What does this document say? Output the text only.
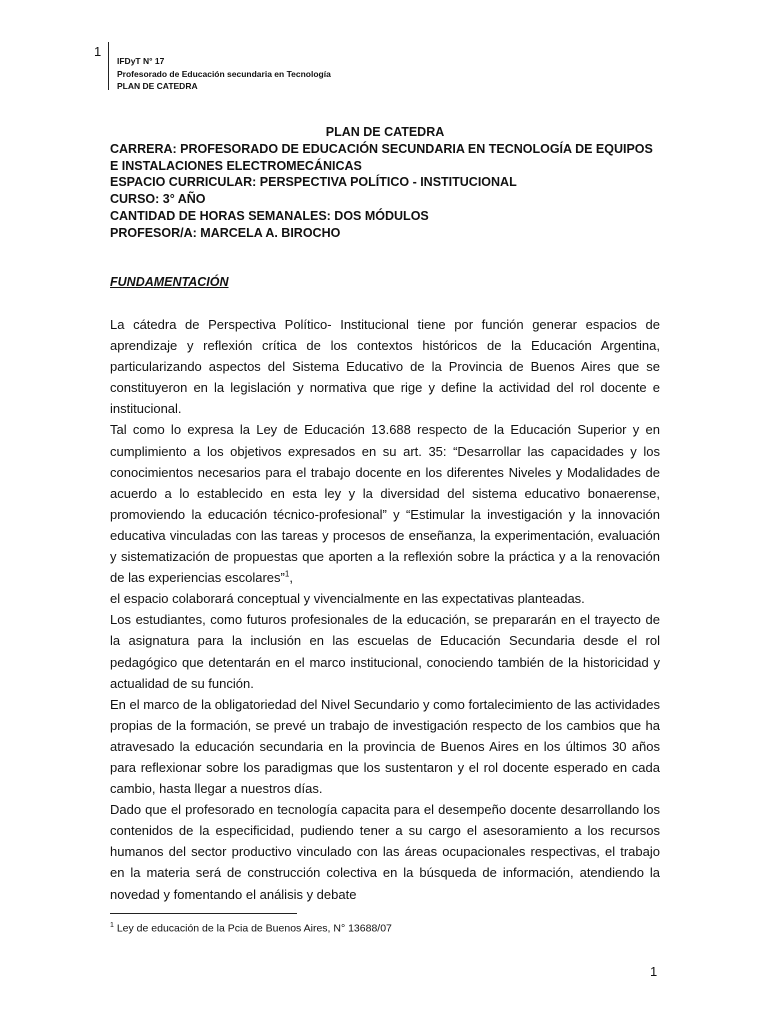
1
IFDyT N° 17
Profesorado de Educación secundaria en Tecnología
PLAN DE CATEDRA
PLAN DE CATEDRA
CARRERA: PROFESORADO DE EDUCACIÓN SECUNDARIA EN TECNOLOGÍA DE EQUIPOS E INSTALACIONES ELECTROMECÁNICAS
ESPACIO CURRICULAR: PERSPECTIVA POLÍTICO - INSTITUCIONAL
CURSO: 3° AÑO
CANTIDAD DE HORAS SEMANALES: DOS MÓDULOS
PROFESOR/A: MARCELA A. BIROCHO
FUNDAMENTACIÓN

La cátedra de Perspectiva Político- Institucional tiene por función generar espacios de aprendizaje y reflexión crítica de los contextos históricos de la Educación Argentina, particularizando aspectos del Sistema Educativo de la Provincia de Buenos Aires que se constituyeron en la legislación y normativa que rige y define la actividad del rol docente e institucional.

Tal como lo expresa la Ley de Educación 13.688 respecto de la Educación Superior y en cumplimiento a los objetivos expresados en su art. 35: “Desarrollar las capacidades y los conocimientos necesarios para el trabajo docente en los diferentes Niveles y Modalidades de acuerdo a lo establecido en esta ley y la diversidad del sistema educativo bonaerense, promoviendo la educación técnico-profesional” y “Estimular la investigación y la innovación educativa vinculadas con las tareas y procesos de enseñanza, la experimentación, evaluación y sistematización de propuestas que aporten a la reflexión sobre la práctica y a la renovación de las experiencias escolares”$^1$,

el espacio colaborará conceptual y vivencialmente en las expectativas planteadas.

Los estudiantes, como futuros profesionales de la educación, se prepararán en el trayecto de la asignatura para la inclusión en las escuelas de Educación Secundaria desde el rol pedagógico que detentarán en el marco institucional, conociendo también de la historicidad y actualidad de su función.

En el marco de la obligatoriedad del Nivel Secundario y como fortalecimiento de las actividades propias de la formación, se prevé un trabajo de investigación respecto de los cambios que ha atravesado la educación secundaria en la provincia de Buenos Aires en los últimos 30 años para reflexionar sobre los paradigmas que los sustentaron y el rol docente esperado en cada cambio, hasta llegar a nuestros días.

Dado que el profesorado en tecnología capacita para el desempeño docente desarrollando los contenidos de la especificidad, pudiendo tener a su cargo el asesoramiento a los recursos humanos del sector productivo vinculado con las áreas ocupacionales respectivas, el trabajo en la materia será de construcción colectiva en la búsqueda de información, atendiendo la novedad y fomentando el análisis y debate

$^1$ Ley de educación de la Pcia de Buenos Aires, N° 13688/07
1
